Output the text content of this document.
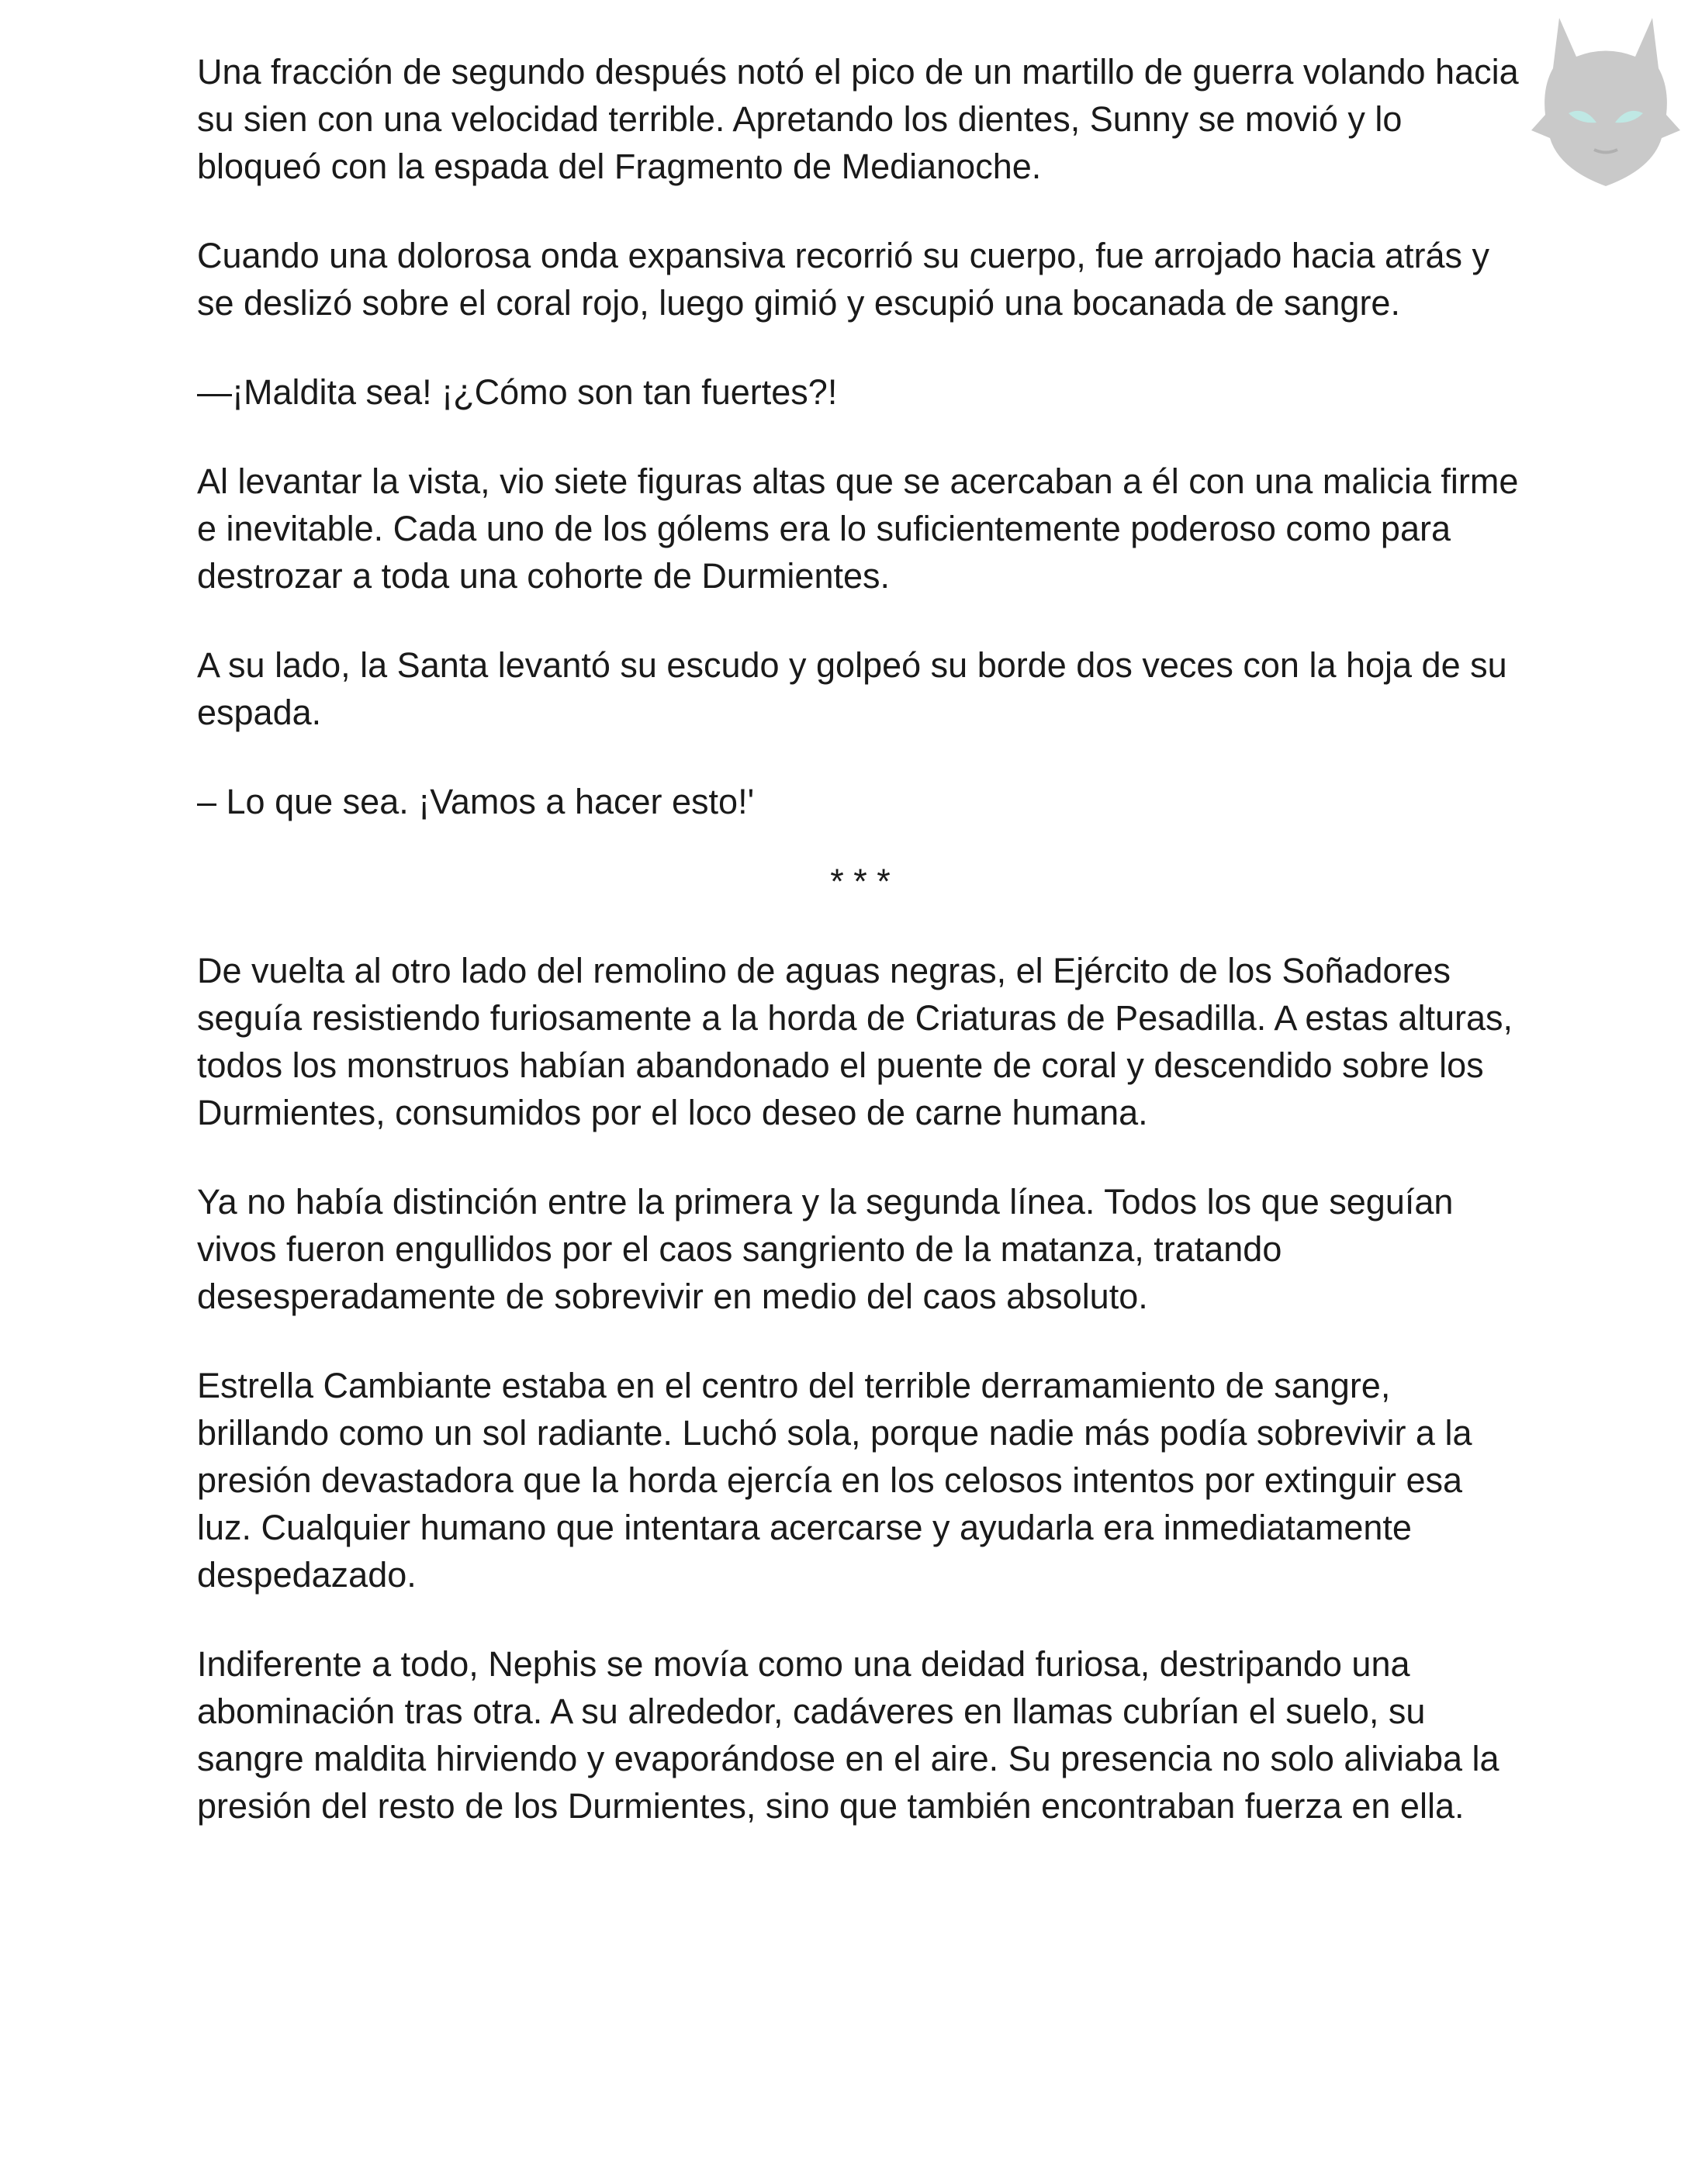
Una fracción de segundo después notó el pico de un martillo de guerra volando hacia su sien con una velocidad terrible. Apretando los dientes, Sunny se movió y lo bloqueó con la espada del Fragmento de Medianoche.

Cuando una dolorosa onda expansiva recorrió su cuerpo, fue arrojado hacia atrás y se deslizó sobre el coral rojo, luego gimió y escupió una bocanada de sangre.

—¡Maldita sea! ¡¿Cómo son tan fuertes?!

Al levantar la vista, vio siete figuras altas que se acercaban a él con una malicia firme e inevitable. Cada uno de los gólems era lo suficientemente poderoso como para destrozar a toda una cohorte de Durmientes.

A su lado, la Santa levantó su escudo y golpeó su borde dos veces con la hoja de su espada.

– Lo que sea. ¡Vamos a hacer esto!'

* * *

De vuelta al otro lado del remolino de aguas negras, el Ejército de los Soñadores seguía resistiendo furiosamente a la horda de Criaturas de Pesadilla. A estas alturas, todos los monstruos habían abandonado el puente de coral y descendido sobre los Durmientes, consumidos por el loco deseo de carne humana.

Ya no había distinción entre la primera y la segunda línea. Todos los que seguían vivos fueron engullidos por el caos sangriento de la matanza, tratando desesperadamente de sobrevivir en medio del caos absoluto.

Estrella Cambiante estaba en el centro del terrible derramamiento de sangre, brillando como un sol radiante. Luchó sola, porque nadie más podía sobrevivir a la presión devastadora que la horda ejercía en los celosos intentos por extinguir esa luz. Cualquier humano que intentara acercarse y ayudarla era inmediatamente despedazado.

Indiferente a todo, Nephis se movía como una deidad furiosa, destripando una abominación tras otra. A su alrededor, cadáveres en llamas cubrían el suelo, su sangre maldita hirviendo y evaporándose en el aire. Su presencia no solo aliviaba la presión del resto de los Durmientes, sino que también encontraban fuerza en ella.
